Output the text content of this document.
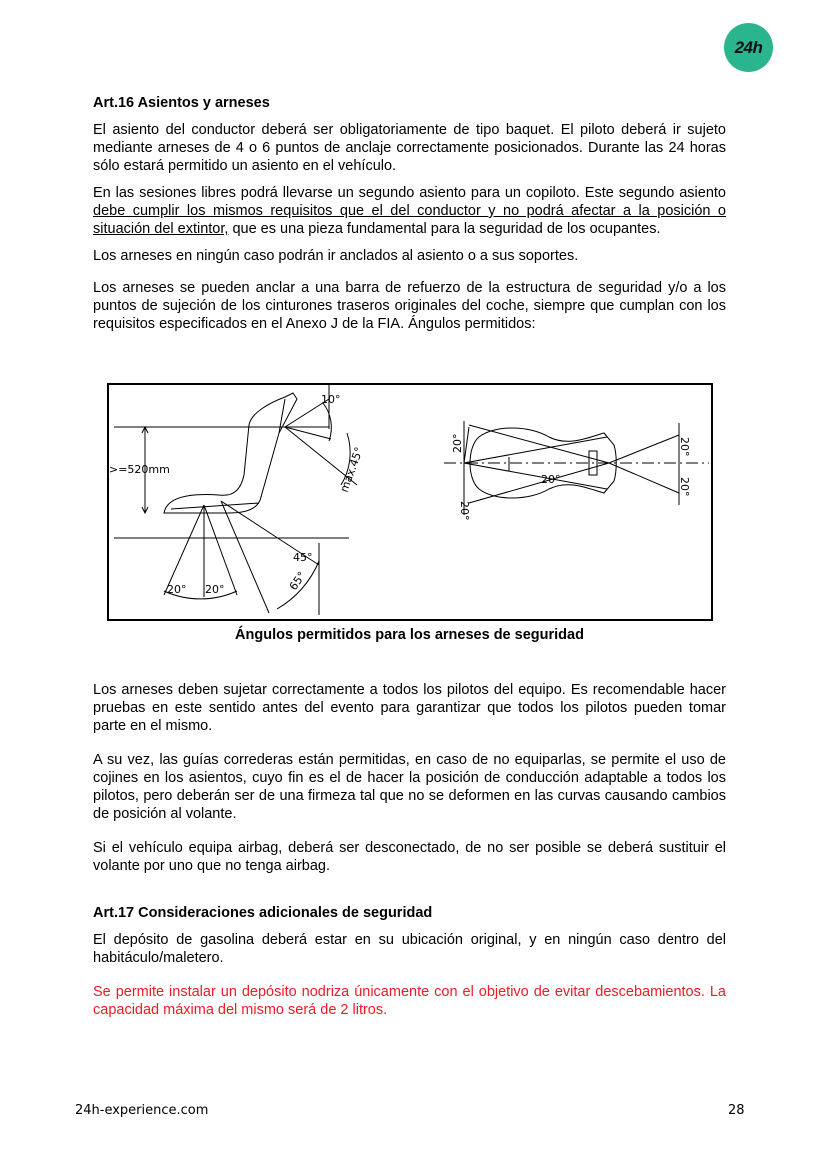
24h
Art.16 Asientos y arneses

El asiento del conductor deberá ser obligatoriamente de tipo baquet. El piloto deberá ir sujeto mediante arneses de 4 o 6 puntos de anclaje correctamente posicionados. Durante las 24 horas sólo estará permitido un asiento en el vehículo.

En las sesiones libres podrá llevarse un segundo asiento para un copiloto. Este segundo asiento debe cumplir los mismos requisitos que el del conductor y no podrá afectar a la posición o situación del extintor, que es una pieza fundamental para la seguridad de los ocupantes.

Los arneses en ningún caso podrán ir anclados al asiento o a sus soportes.

Los arneses se pueden anclar a una barra de refuerzo de la estructura de seguridad y/o a los puntos de sujeción de los cinturones traseros originales del coche, siempre que cumplan con los requisitos especificados en el Anexo J de la FIA. Ángulos permitidos:

>=520mm
10°
max.45°
45°
65°
20° 20°
20°
20°
20°
20°
20°
Ángulos permitidos para los arneses de seguridad

Los arneses deben sujetar correctamente a todos los pilotos del equipo. Es recomendable hacer pruebas en este sentido antes del evento para garantizar que todos los pilotos pueden tomar parte en el mismo.

A su vez, las guías correderas están permitidas, en caso de no equiparlas, se permite el uso de cojines en los asientos, cuyo fin es el de hacer la posición de conducción adaptable a todos los pilotos, pero deberán ser de una firmeza tal que no se deformen en las curvas causando cambios de posición al volante.

Si el vehículo equipa airbag, deberá ser desconectado, de no ser posible se deberá sustituir el volante por uno que no tenga airbag.

Art.17 Consideraciones adicionales de seguridad

El depósito de gasolina deberá estar en su ubicación original, y en ningún caso dentro del habitáculo/maletero.

Se permite instalar un depósito nodriza únicamente con el objetivo de evitar descebamientos. La capacidad máxima del mismo será de 2 litros.

24h-experience.com	28
